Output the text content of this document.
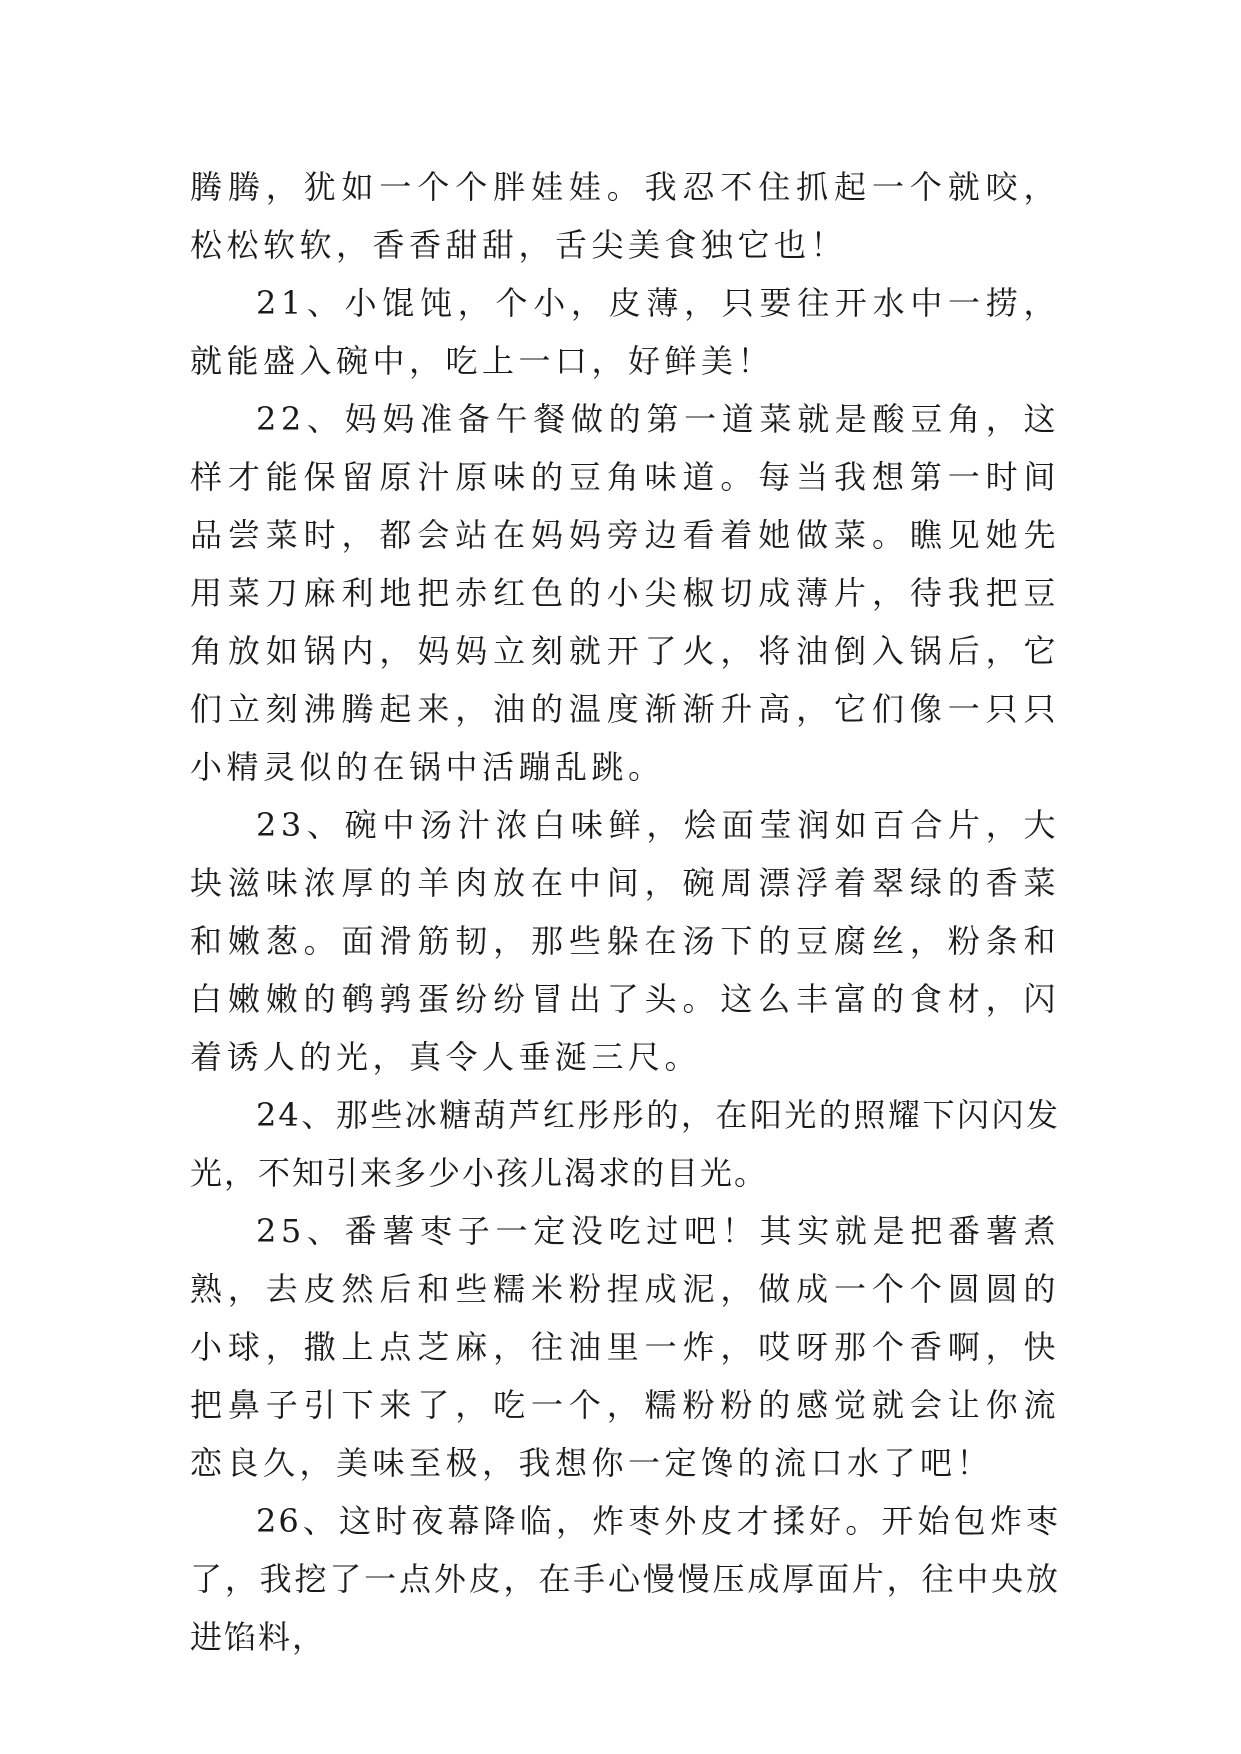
腾腾，犹如一个个胖娃娃。我忍不住抓起一个就咬，松松软软，香香甜甜，舌尖美食独它也！

21、小馄饨，个小，皮薄，只要往开水中一捞，就能盛入碗中，吃上一口，好鲜美！

22、妈妈准备午餐做的第一道菜就是酸豆角，这样才能保留原汁原味的豆角味道。每当我想第一时间品尝菜时，都会站在妈妈旁边看着她做菜。瞧见她先用菜刀麻利地把赤红色的小尖椒切成薄片，待我把豆角放如锅内，妈妈立刻就开了火，将油倒入锅后，它们立刻沸腾起来，油的温度渐渐升高，它们像一只只小精灵似的在锅中活蹦乱跳。

23、碗中汤汁浓白味鲜，烩面莹润如百合片，大块滋味浓厚的羊肉放在中间，碗周漂浮着翠绿的香菜和嫩葱。面滑筋韧，那些躲在汤下的豆腐丝，粉条和白嫩嫩的鹌鹑蛋纷纷冒出了头。这么丰富的食材，闪着诱人的光，真令人垂涎三尺。

24、那些冰糖葫芦红彤彤的，在阳光的照耀下闪闪发光，不知引来多少小孩儿渴求的目光。

25、番薯枣子一定没吃过吧！其实就是把番薯煮熟，去皮然后和些糯米粉捏成泥，做成一个个圆圆的小球，撒上点芝麻，往油里一炸，哎呀那个香啊，快把鼻子引下来了，吃一个，糯粉粉的感觉就会让你流恋良久，美味至极，我想你一定馋的流口水了吧！

26、这时夜幕降临，炸枣外皮才揉好。开始包炸枣了，我挖了一点外皮，在手心慢慢压成厚面片，往中央放进馅料，
